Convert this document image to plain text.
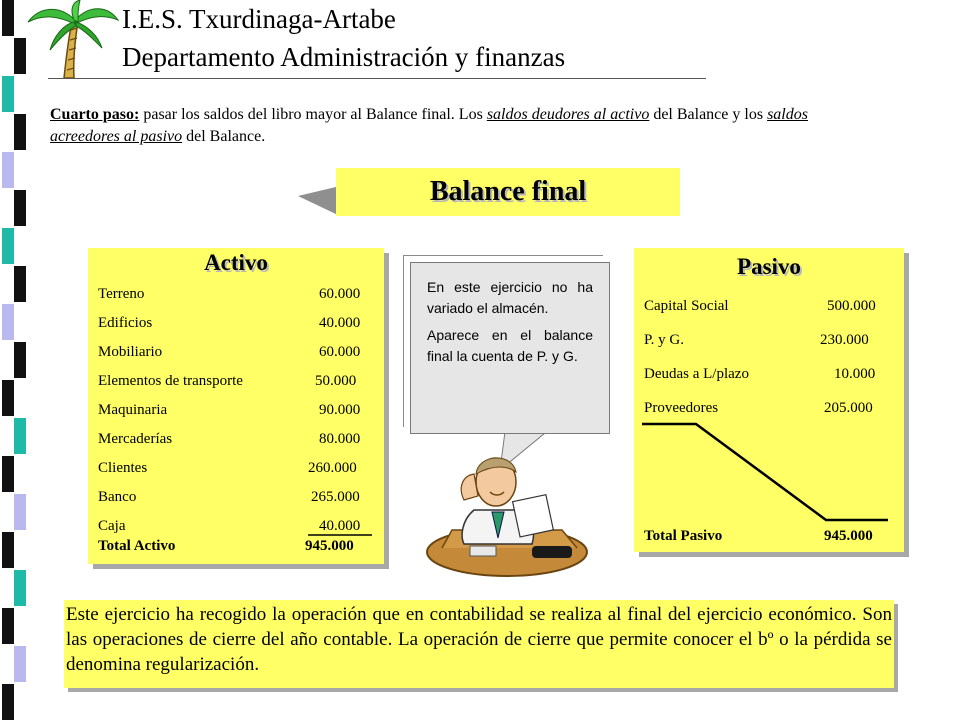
I.E.S. Txurdinaga-Artabe
Departamento Administración y finanzas
Cuarto paso: pasar los saldos del libro mayor al Balance final. Los saldos deudores al activo del Balance y los saldos acreedores al pasivo del Balance.
Balance final
Activo
Terreno	60.000
Edificios	40.000
Mobiliario	60.000
Elementos de transporte	50.000
Maquinaria	90.000
Mercaderías	80.000
Clientes	260.000
Banco	265.000
Caja	40.000
Total Activo	945.000

En este ejercicio no ha variado el almacén.

Aparece en el balance final la cuenta de P. y G.

Pasivo
Capital Social	500.000
P. y G.	230.000
Deudas a L/plazo	10.000
Proveedores	205.000
Total Pasivo	945.000

Este ejercicio ha recogido la operación que en contabilidad se realiza al final del ejercicio económico. Son las operaciones de cierre del año contable. La operación de cierre que permite conocer el bº o la pérdida se denomina regularización.
